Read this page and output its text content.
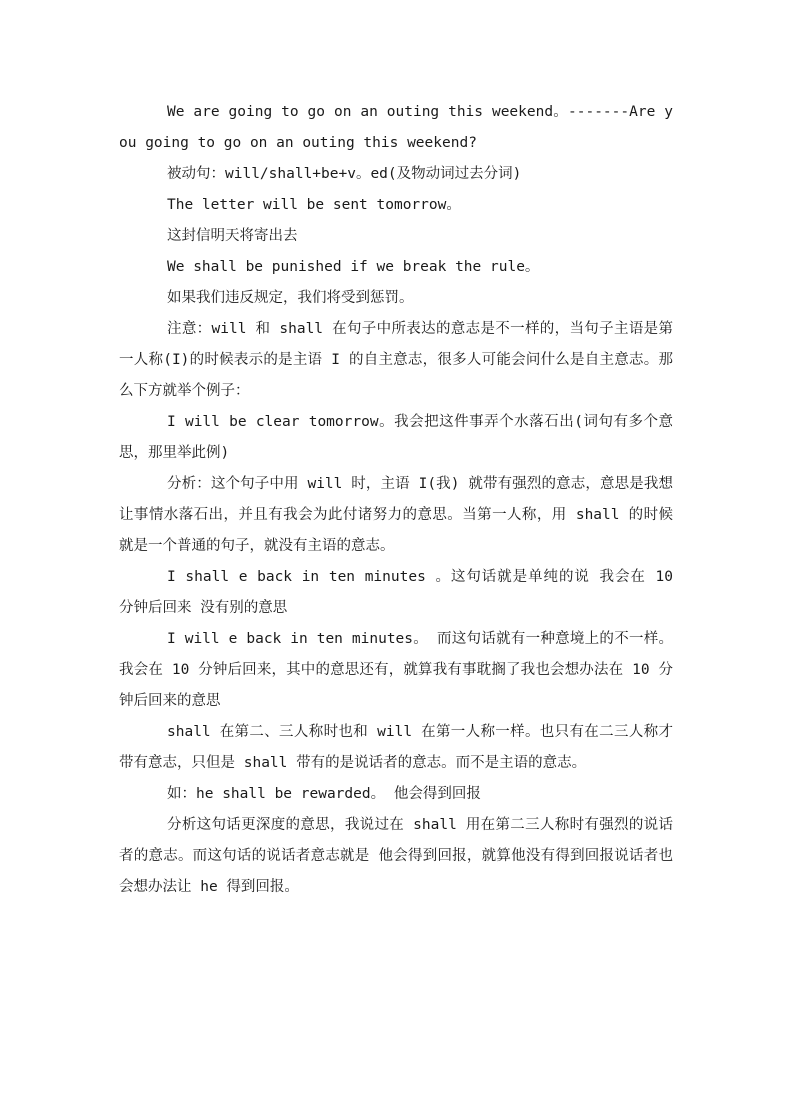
We are going to go on an outing this weekend。-------Are you going to go on an outing this weekend?

被动句：will/shall+be+v。ed(及物动词过去分词)

The letter will be sent tomorrow。

这封信明天将寄出去

We shall be punished if we break the rule。

如果我们违反规定，我们将受到惩罚。

注意：will 和 shall 在句子中所表达的意志是不一样的，当句子主语是第一人称(I)的时候表示的是主语 I 的自主意志，很多人可能会问什么是自主意志。那么下方就举个例子：

I will be clear tomorrow。我会把这件事弄个水落石出(词句有多个意思，那里举此例)

分析：这个句子中用 will 时，主语 I(我) 就带有强烈的意志，意思是我想让事情水落石出，并且有我会为此付诸努力的意思。当第一人称，用 shall 的时候就是一个普通的句子，就没有主语的意志。

I shall e back in ten minutes 。这句话就是单纯的说 我会在 10 分钟后回来 没有别的意思

I will e back in ten minutes。 而这句话就有一种意境上的不一样。我会在 10 分钟后回来，其中的意思还有，就算我有事耽搁了我也会想办法在 10 分钟后回来的意思

shall 在第二、三人称时也和 will 在第一人称一样。也只有在二三人称才带有意志，只但是 shall 带有的是说话者的意志。而不是主语的意志。

如：he shall be rewarded。 他会得到回报

分析这句话更深度的意思，我说过在 shall 用在第二三人称时有强烈的说话者的意志。而这句话的说话者意志就是 他会得到回报，就算他没有得到回报说话者也会想办法让 he 得到回报。
